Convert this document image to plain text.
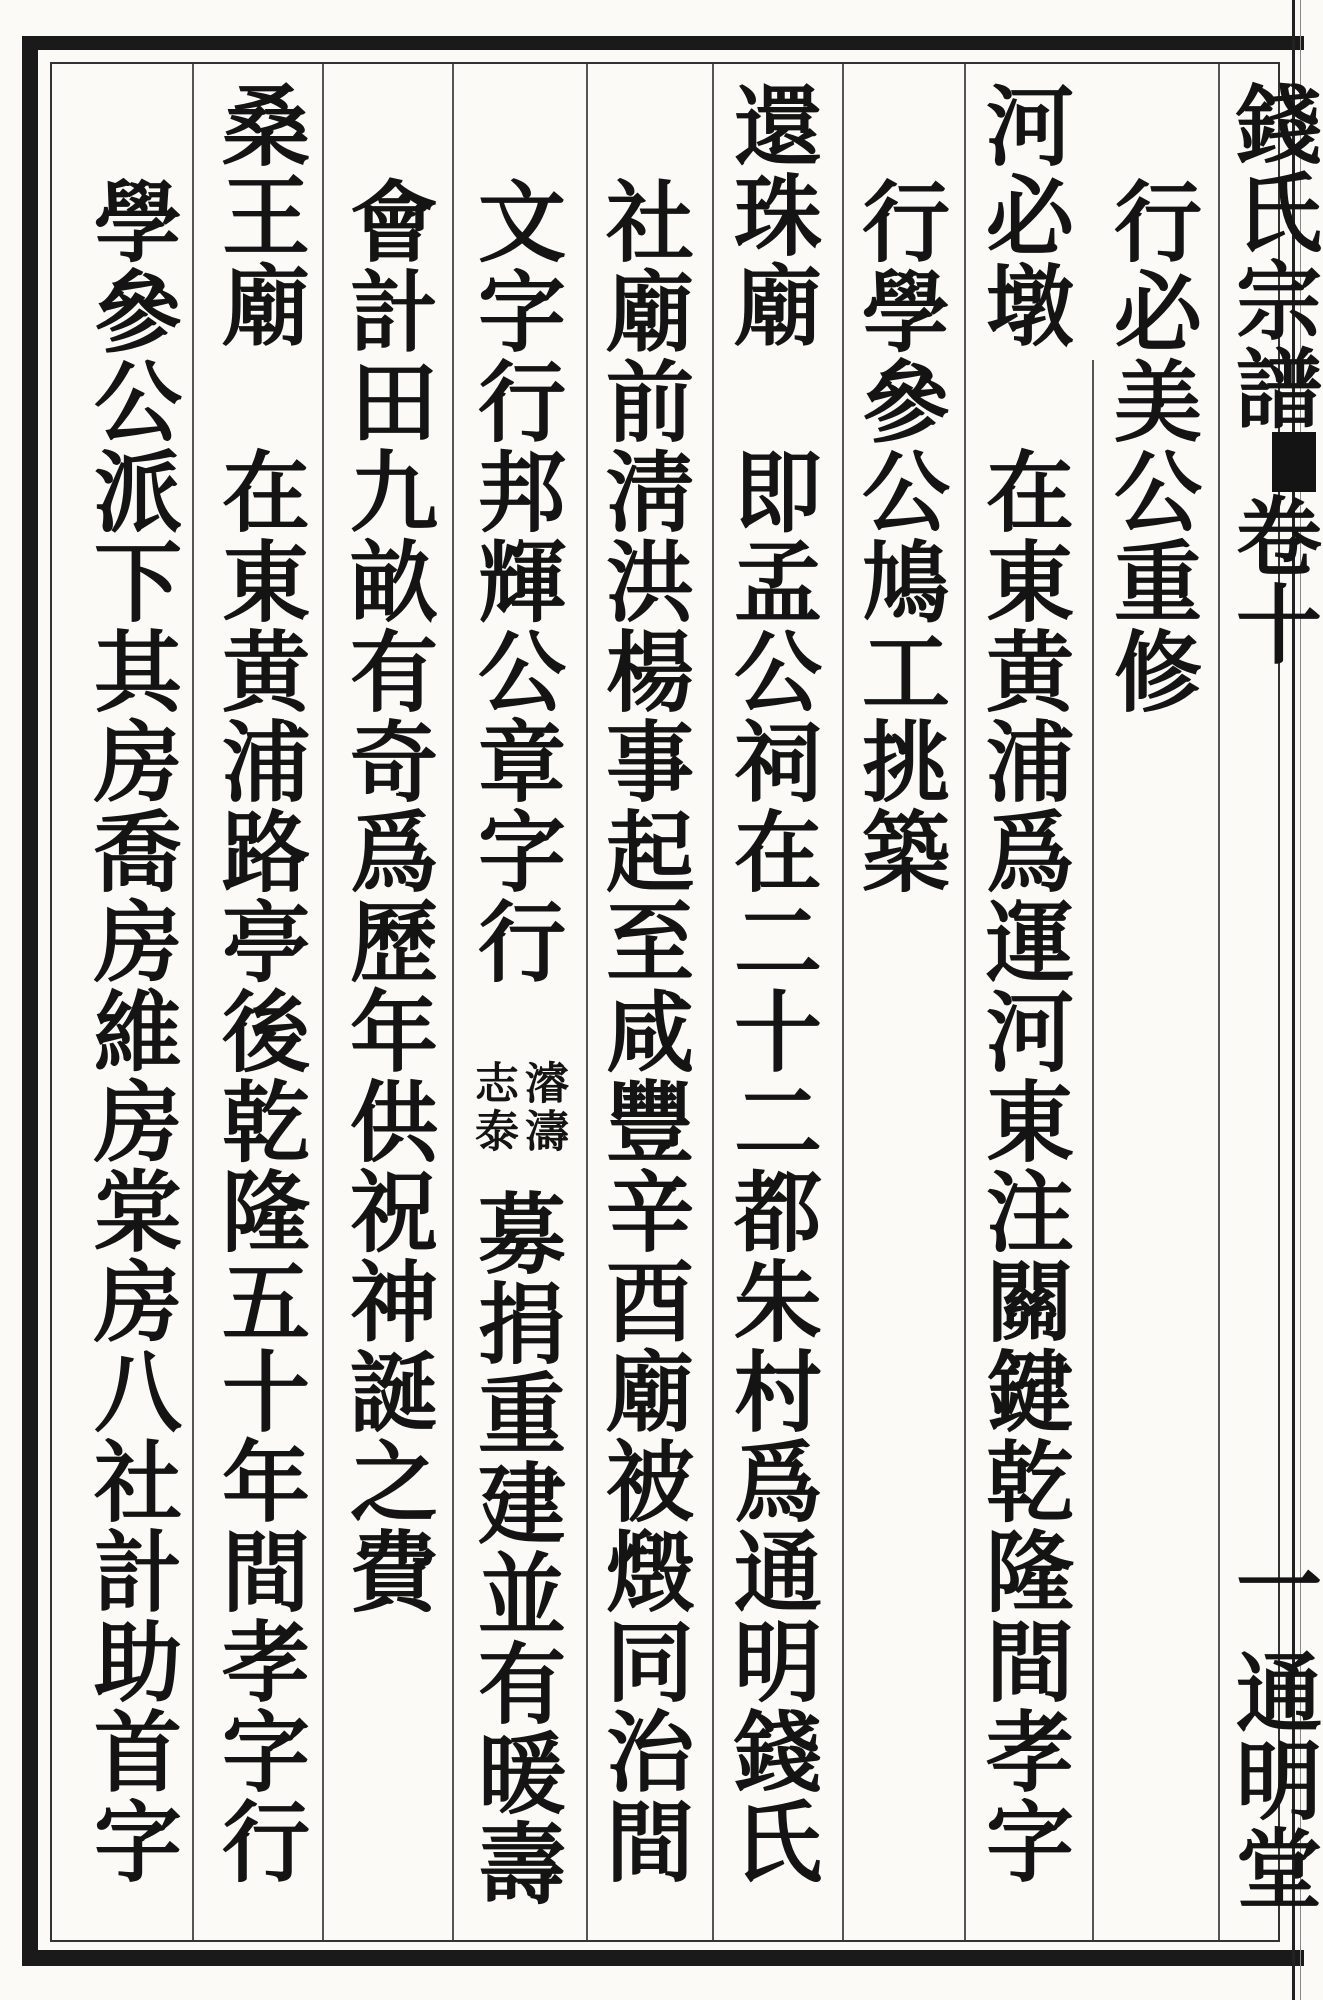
錢氏宗譜卷十
一通明堂
行必美公重修
河必墩在東黄浦爲運河東注關鍵乾隆間孝字
行學參公鳩工挑築
還珠廟即孟公祠在二十二都朱村爲通明錢氏
社廟前淸洪楊事起至咸豐辛酉廟被燬同治間
文字行邦輝公章字行
濬濤
志泰
募捐重建並有暖壽
會計田九畝有奇爲歷年供祝神誕之費
桑王廟在東黄浦路亭後乾隆五十年間孝字行
學參公派下其房喬房維房棠房八社計助首字
